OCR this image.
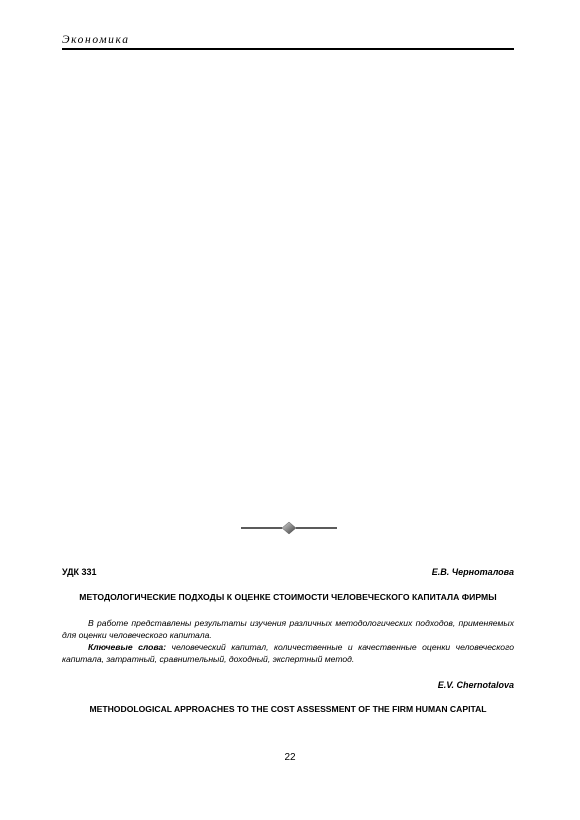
Экономика
УДК 331	Е.В. Черноталова
МЕТОДОЛОГИЧЕСКИЕ ПОДХОДЫ К ОЦЕНКЕ СТОИМОСТИ ЧЕЛОВЕЧЕСКОГО КАПИТАЛА ФИРМЫ

В работе представлены результаты изучения различных методологических подходов, применяемых для оценки человеческого капитала.

Ключевые слова: человеческий капитал, количественные и качественные оценки человеческого капитала, затратный, сравнительный, доходный, экспертный метод.

E.V. Chernotalova
METHODOLOGICAL APPROACHES TO THE COST ASSESSMENT OF THE FIRM HUMAN CAPITAL
22
